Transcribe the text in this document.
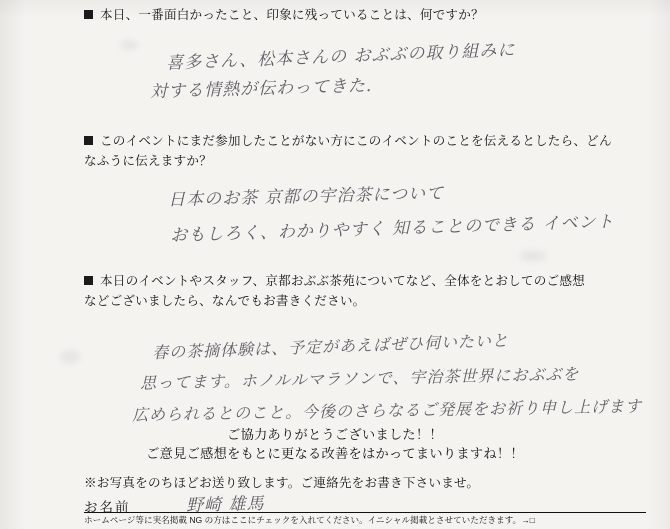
本日、一番面白かったこと、印象に残っていることは、何ですか？
喜多さん、松本さんの おぶぶの取り組みに
対する情熱が伝わってきた.
このイベントにまだ参加したことがない方にこのイベントのことを伝えるとしたら、どん
なふうに伝えますか？
日本のお茶 京都の宇治茶について
おもしろく、わかりやすく 知ることのできる イベント
本日のイベントやスタッフ、京都おぶぶ茶苑についてなど、全体をとおしてのご感想
などございましたら、なんでもお書きください。
春の茶摘体験は、予定があえばぜひ伺いたいと
思ってます。ホノルルマラソンで、宇治茶世界におぶぶを
広められるとのこと。今後のさらなるご発展をお祈り申し上げます
ご協力ありがとうございました！！
ご意見ご感想をもとに更なる改善をはかってまいりますね！！
※お写真をのちほどお送り致します。ご連絡先をお書き下さいませ。
お名前	野崎 雄馬
ホームページ等に実名掲載 NG の方はここにチェックを入れてください。イニシャル掲載とさせていただきます。→□
